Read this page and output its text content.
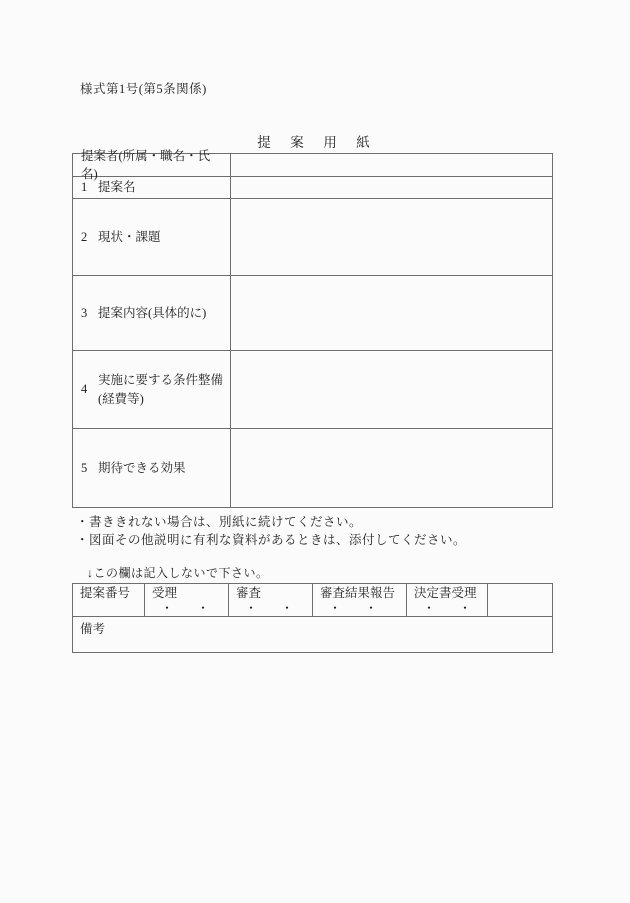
様式第1号(第5条関係)
提　案　用　紙
提案者(所属・職名・氏名)
1 提案名
2 現状・課題
3 提案内容(具体的に)
4
実施に要する条件整備
(経費等)
5 期待できる効果
・書ききれない場合は、別紙に続けてください。
・図面その他説明に有利な資料があるときは、添付してください。
↓この欄は記入しないで下さい。
提案番号	受理
・　　・
審査
・　　・
審査結果報告
・　　・
決定書受理
・　　・
備考
